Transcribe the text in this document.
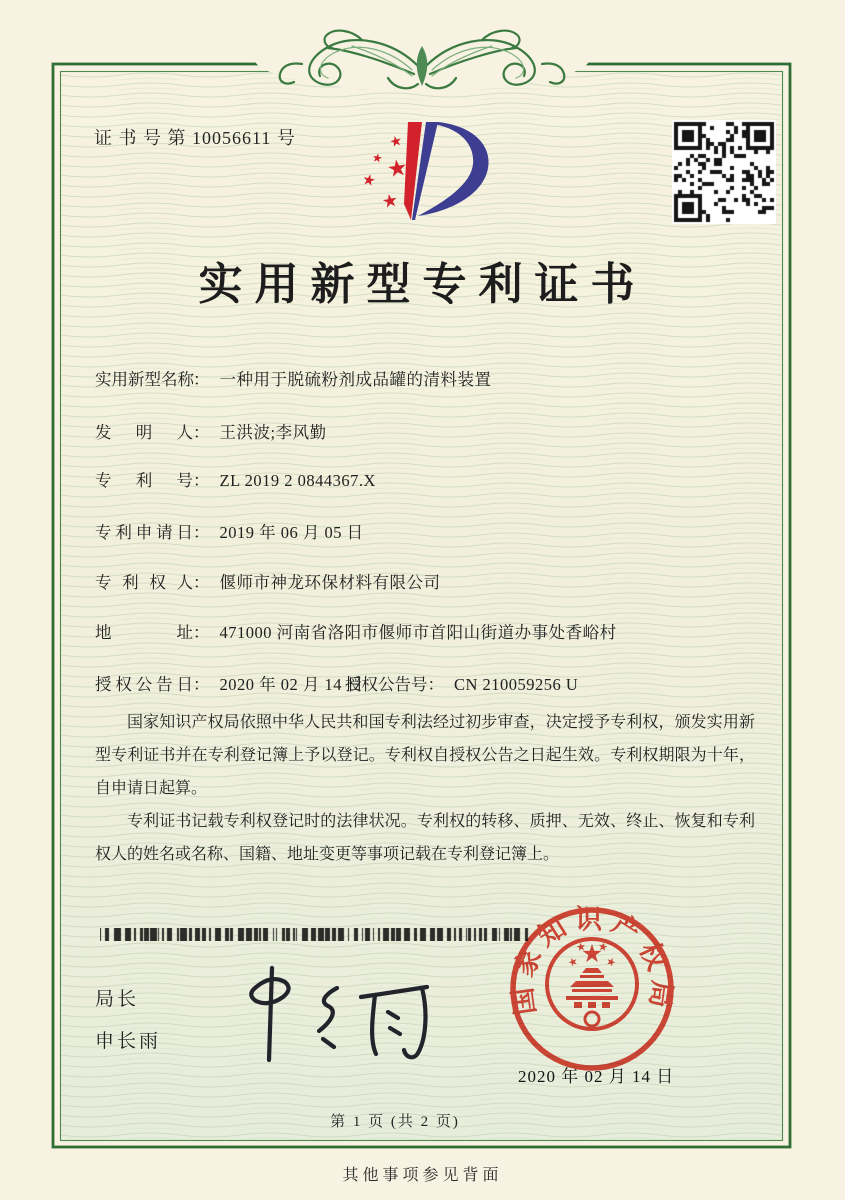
证 书 号 第 10056611 号	★
★ ★
★
★
实用新型专利证书
实用新型名称： 一种用于脱硫粉剂成品罐的清料装置
发明人： 王洪波;李风勤
专利号： ZL 2019 2 0844367.X
专利申请日： 2019 年 06 月 05 日
专利权人： 偃师市神龙环保材料有限公司
地址： 471000 河南省洛阳市偃师市首阳山街道办事处香峪村
授权公告日： 2020 年 02 月 14 日
授权公告号： CN 210059256 U

国家知识产权局依照中华人民共和国专利法经过初步审查，决定授予专利权，颁发实用新型专利证书并在专利登记簿上予以登记。专利权自授权公告之日起生效。专利权期限为十年，自申请日起算。

专利证书记载专利权登记时的法律状况。专利权的转移、质押、无效、终止、恢复和专利权人的姓名或名称、国籍、地址变更等事项记载在专利登记簿上。

局长
申长雨
国家知识产权局
2020 年 02 月 14 日
第 1 页 (共 2 页)
其他事项参见背面
